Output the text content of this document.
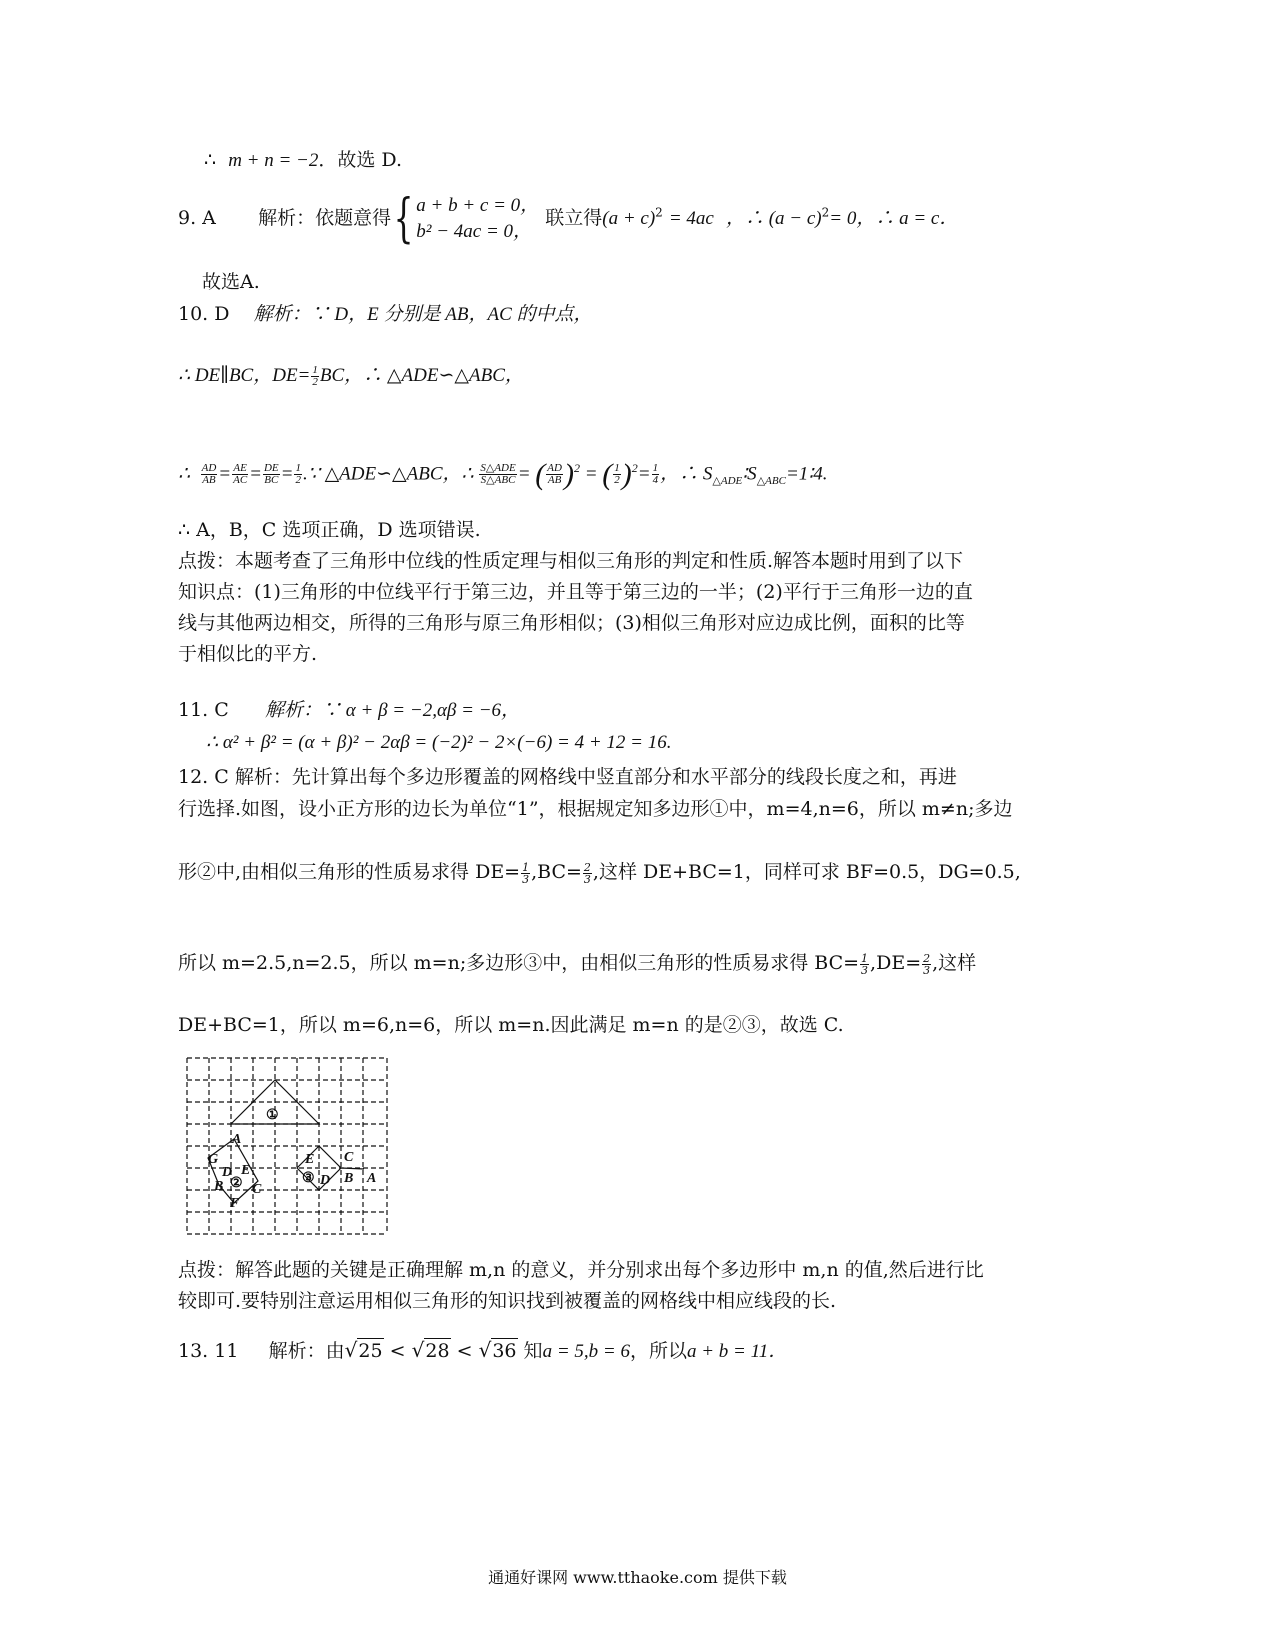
∴ m + n = −2．故选 D.
9. A 解析：依题意得{ a + b + c = 0，
b² − 4ac = 0，
联立得$(a + c)^2 = 4ac$ ，∴ $(a - c)^2= 0$，∴ a = c．
故选A.
10. D 解析：∵ D，E 分别是 AB，AC 的中点，
∴ DE∥BC，$DE= \frac{1}{2}$ BC，∴ △ADE∽△ABC，
∴ $\frac{AD}{AB} = \frac{AE}{AC} = \frac{DE}{BC} = \frac{1}{2}$ .∵ △ADE∽△ABC，∴ $\frac{\text{S△ADE}}{\text{S△ABC}}$ = ( $\frac{AD}{AB} )^2$ = ( $\frac{1}{2} )^2= \frac{1}{4}$ ，∴ $S_{\triangle ADE}∶S_{\triangle ABC}=1∶4$.
∴ A，B，C 选项正确，D 选项错误.
点拨：本题考查了三角形中位线的性质定理与相似三角形的判定和性质.解答本题时用到了以下
知识点：(1)三角形的中位线平行于第三边，并且等于第三边的一半；(2)平行于三角形一边的直
线与其他两边相交，所得的三角形与原三角形相似；(3)相似三角形对应边成比例，面积的比等
于相似比的平方.
11. C 解析：∵ α + β = −2,αβ = −6，
∴ α² + β² = (α + β)² − 2αβ = (−2)² − 2×(−6) = 4 + 12 = 16.
12. C 解析：先计算出每个多边形覆盖的网格线中竖直部分和水平部分的线段长度之和，再进
行选择.如图，设小正方形的边长为单位“1”，根据规定知多边形①中，m=4,n=6，所以 m≠n;多边
形②中,由相似三角形的性质易求得 $DE= \frac{1}{3} ,BC= \frac{2}{3}$ ,这样 DE+BC=1，同样可求 BF=0.5，DG=0.5,
所以 m=2.5,n=2.5，所以 m=n;多边形③中，由相似三角形的性质易求得 $BC= \frac{1}{3} ,DE= \frac{2}{3}$ ,这样
DE+BC=1，所以 m=6,n=6，所以 m=n.因此满足 m=n 的是②③，故选 C.
①
A
G
D E
B ② C
F
E C
③ D B A
点拨：解答此题的关键是正确理解 m,n 的意义，并分别求出每个多边形中 m,n 的值,然后进行比
较即可.要特别注意运用相似三角形的知识找到被覆盖的网格线中相应线段的长.
13. 11 解析：由√25 < √28 < √36 知a = 5,b = 6，所以a + b = 11．
通通好课网 www.tthaoke.com 提供下载
